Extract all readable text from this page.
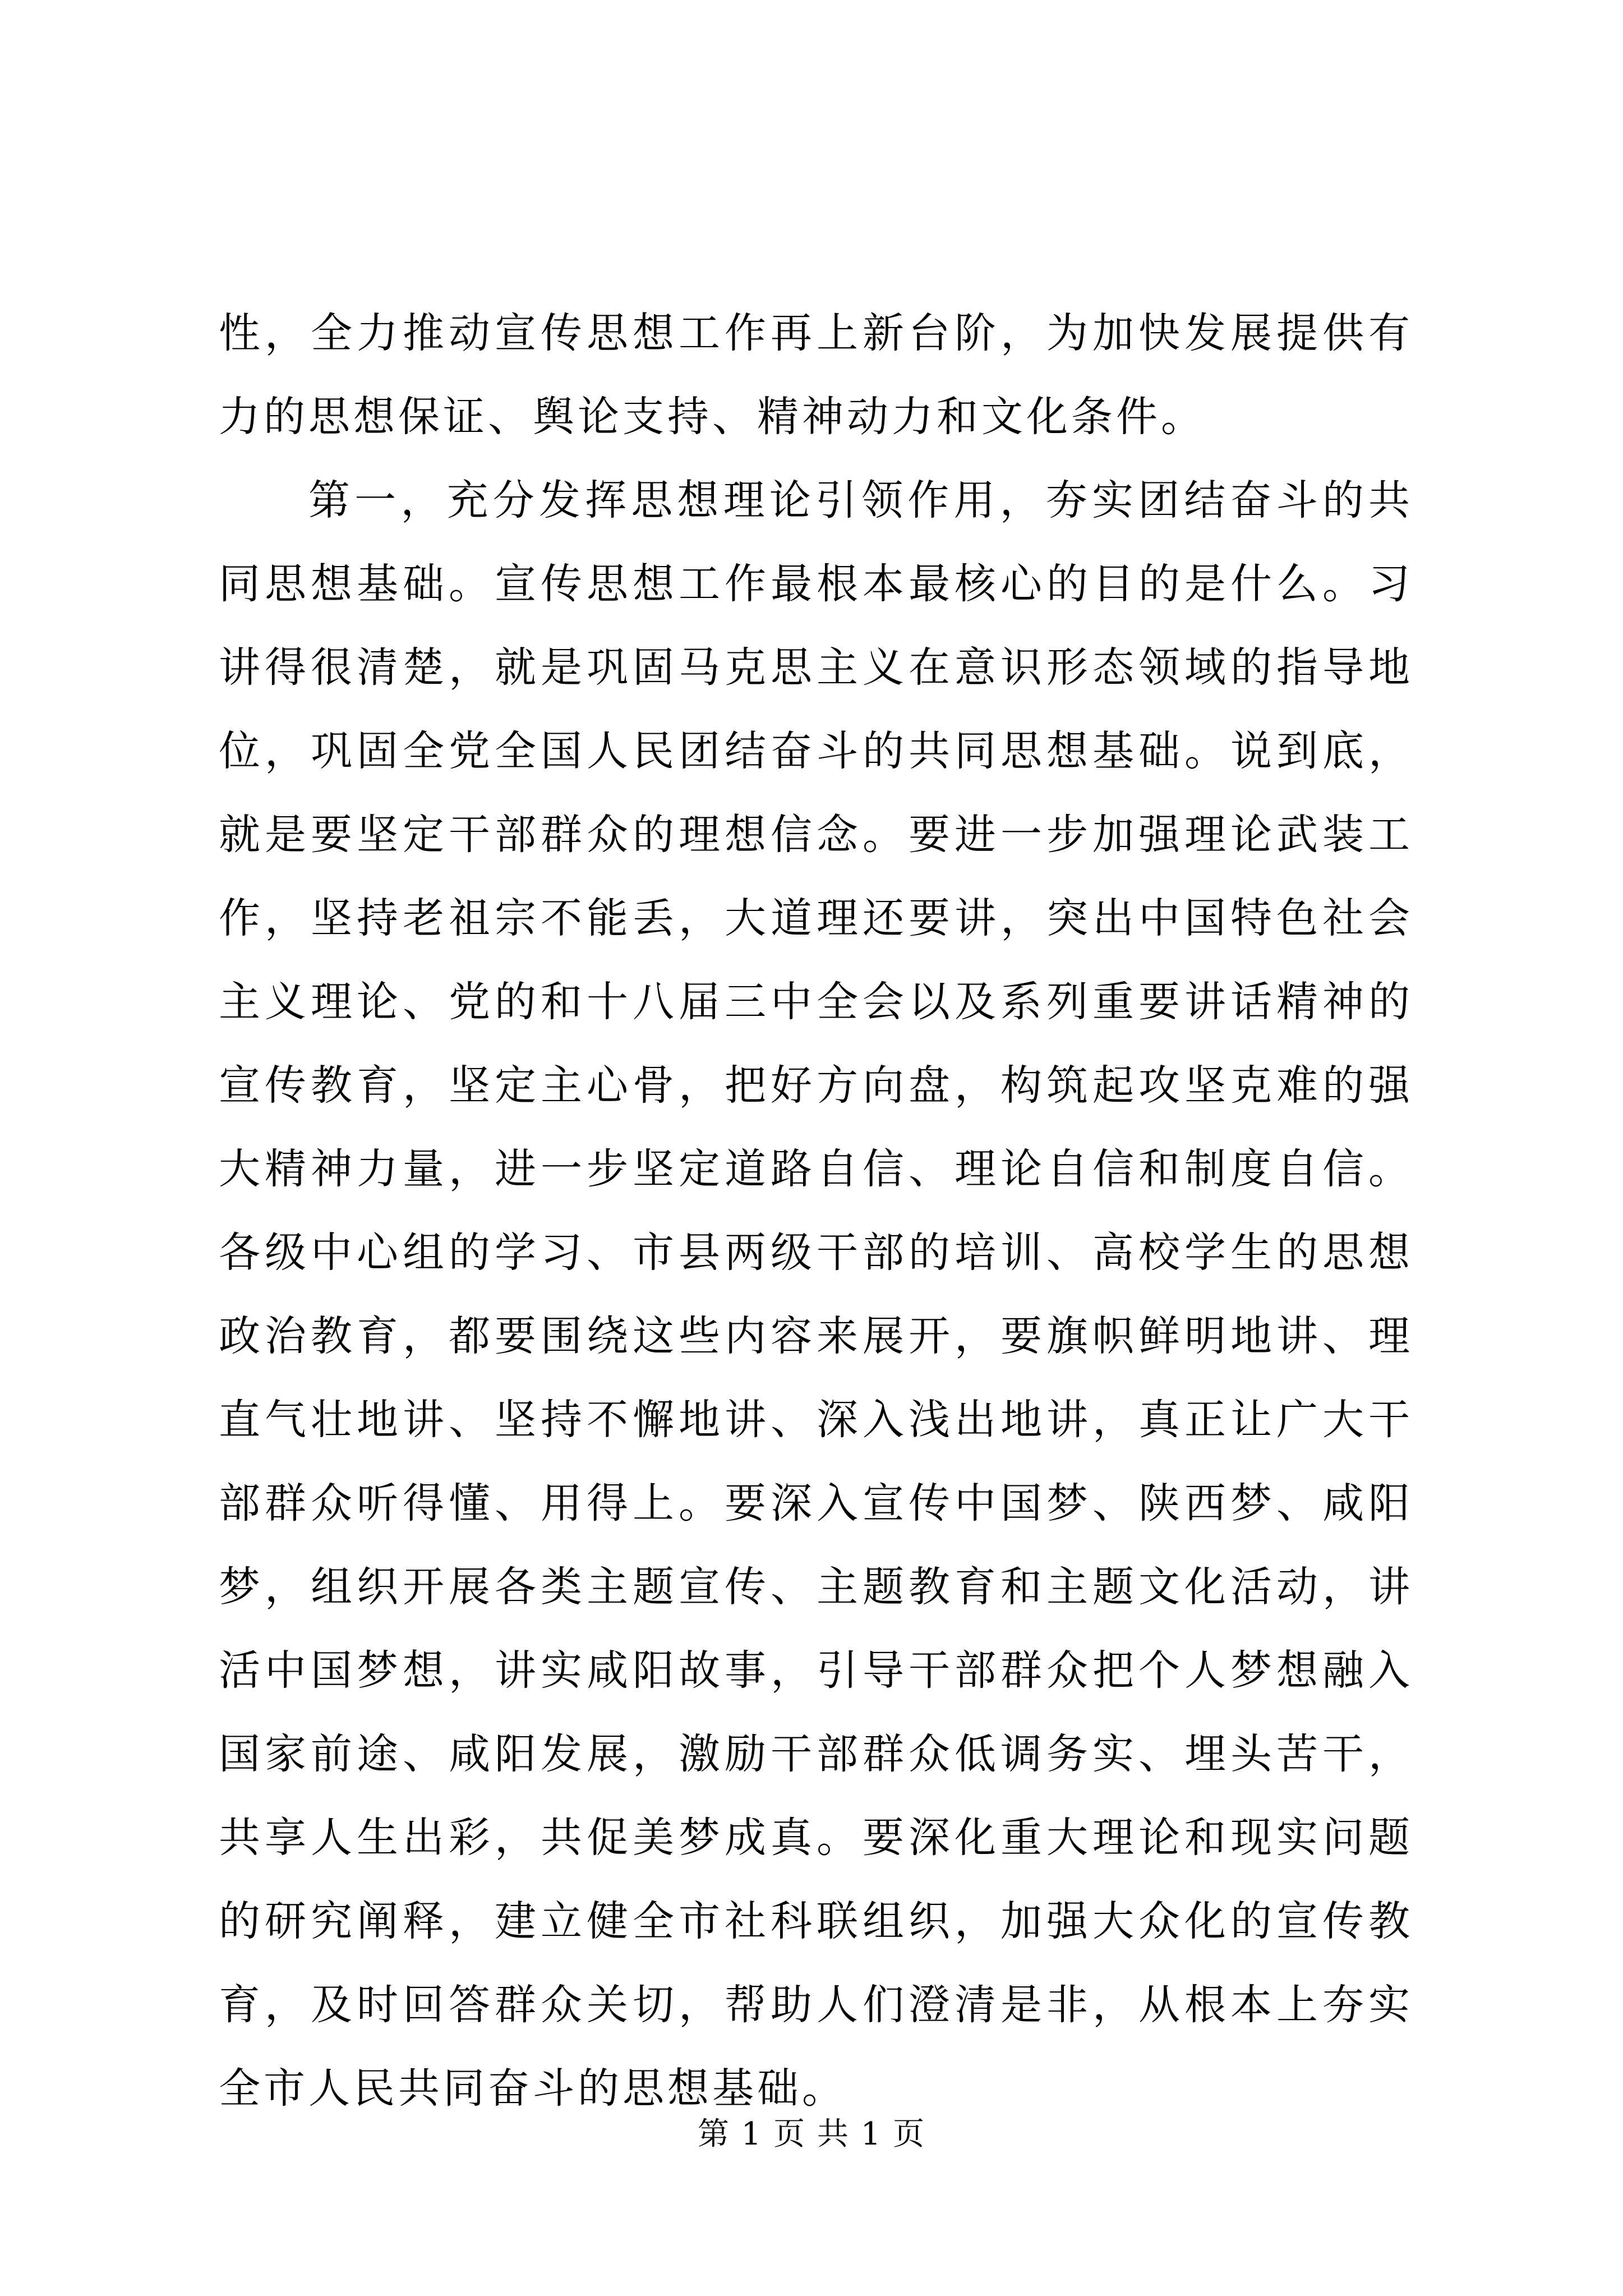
性，全力推动宣传思想工作再上新台阶，为加快发展提供有力的思想保证、舆论支持、精神动力和文化条件。

第一，充分发挥思想理论引领作用，夯实团结奋斗的共同思想基础。宣传思想工作最根本最核心的目的是什么。习讲得很清楚，就是巩固马克思主义在意识形态领域的指导地位，巩固全党全国人民团结奋斗的共同思想基础。说到底，就是要坚定干部群众的理想信念。要进一步加强理论武装工作，坚持老祖宗不能丢，大道理还要讲，突出中国特色社会主义理论、党的和十八届三中全会以及系列重要讲话精神的宣传教育，坚定主心骨，把好方向盘，构筑起攻坚克难的强大精神力量，进一步坚定道路自信、理论自信和制度自信。各级中心组的学习、市县两级干部的培训、高校学生的思想政治教育，都要围绕这些内容来展开，要旗帜鲜明地讲、理直气壮地讲、坚持不懈地讲、深入浅出地讲，真正让广大干部群众听得懂、用得上。要深入宣传中国梦、陕西梦、咸阳梦，组织开展各类主题宣传、主题教育和主题文化活动，讲活中国梦想，讲实咸阳故事，引导干部群众把个人梦想融入国家前途、咸阳发展，激励干部群众低调务实、埋头苦干，共享人生出彩，共促美梦成真。要深化重大理论和现实问题的研究阐释，建立健全市社科联组织，加强大众化的宣传教育，及时回答群众关切，帮助人们澄清是非，从根本上夯实全市人民共同奋斗的思想基础。

第 1 页 共 1 页
